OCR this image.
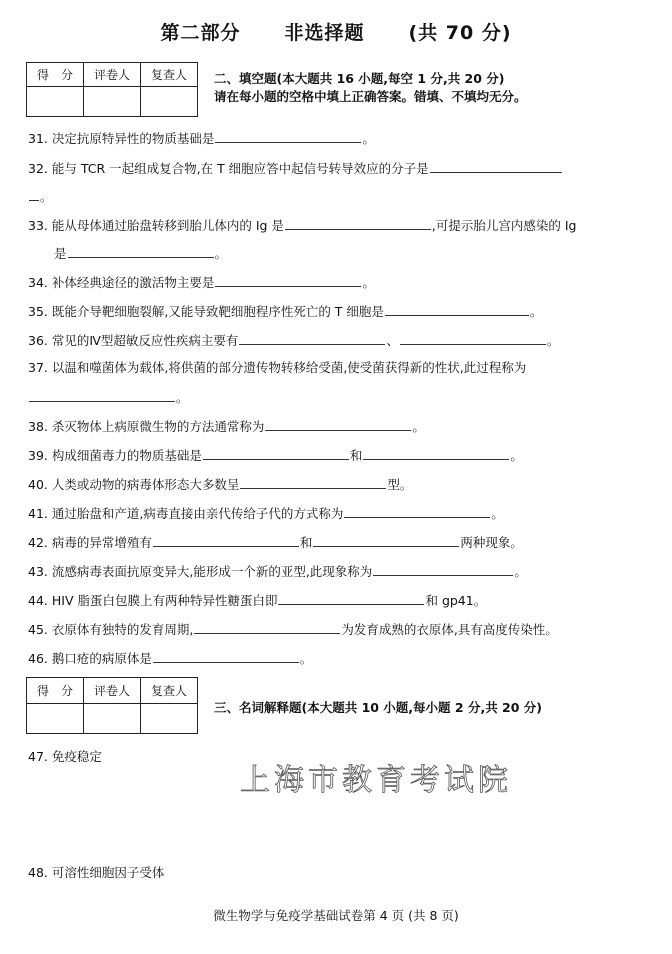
第二部分 非选择题 (共 70 分)
得　分	评卷人	复查人
		二、填空题(本大题共 16 小题,每空 1 分,共 20 分)
请在每小题的空格中填上正确答案。错填、不填均无分。
31. 决定抗原特异性的物质基础是	。
32. 能与 TCR 一起组成复合物,在 T 细胞应答中起信号转导效应的分子是
。
33. 能从母体通过胎盘转移到胎儿体内的 Ig 是	,可提示胎儿宫内感染的 Ig
是	。
34. 补体经典途径的激活物主要是	。
35. 既能介导靶细胞裂解,又能导致靶细胞程序性死亡的 T 细胞是	。
36. 常见的Ⅳ型超敏反应性疾病主要有	、	。
37. 以温和噬菌体为载体,将供菌的部分遗传物转移给受菌,使受菌获得新的性状,此过程称为
。
38. 杀灭物体上病原微生物的方法通常称为	。
39. 构成细菌毒力的物质基础是	和	。
40. 人类或动物的病毒体形态大多数呈	型。
41. 通过胎盘和产道,病毒直接由亲代传给子代的方式称为	。
42. 病毒的异常增殖有	和	两种现象。
43. 流感病毒表面抗原变异大,能形成一个新的亚型,此现象称为	。
44. HIV 脂蛋白包膜上有两种特异性糖蛋白即	和 gp41。
45. 衣原体有独特的发育周期,	为发育成熟的衣原体,具有高度传染性。
46. 鹅口疮的病原体是	。
得　分	评卷人	复查人

三、名词解释题(本大题共 10 小题,每小题 2 分,共 20 分)
47. 免疫稳定
上海市教育考试院
48. 可溶性细胞因子受体
微生物学与免疫学基础试卷第 4 页 (共 8 页)
